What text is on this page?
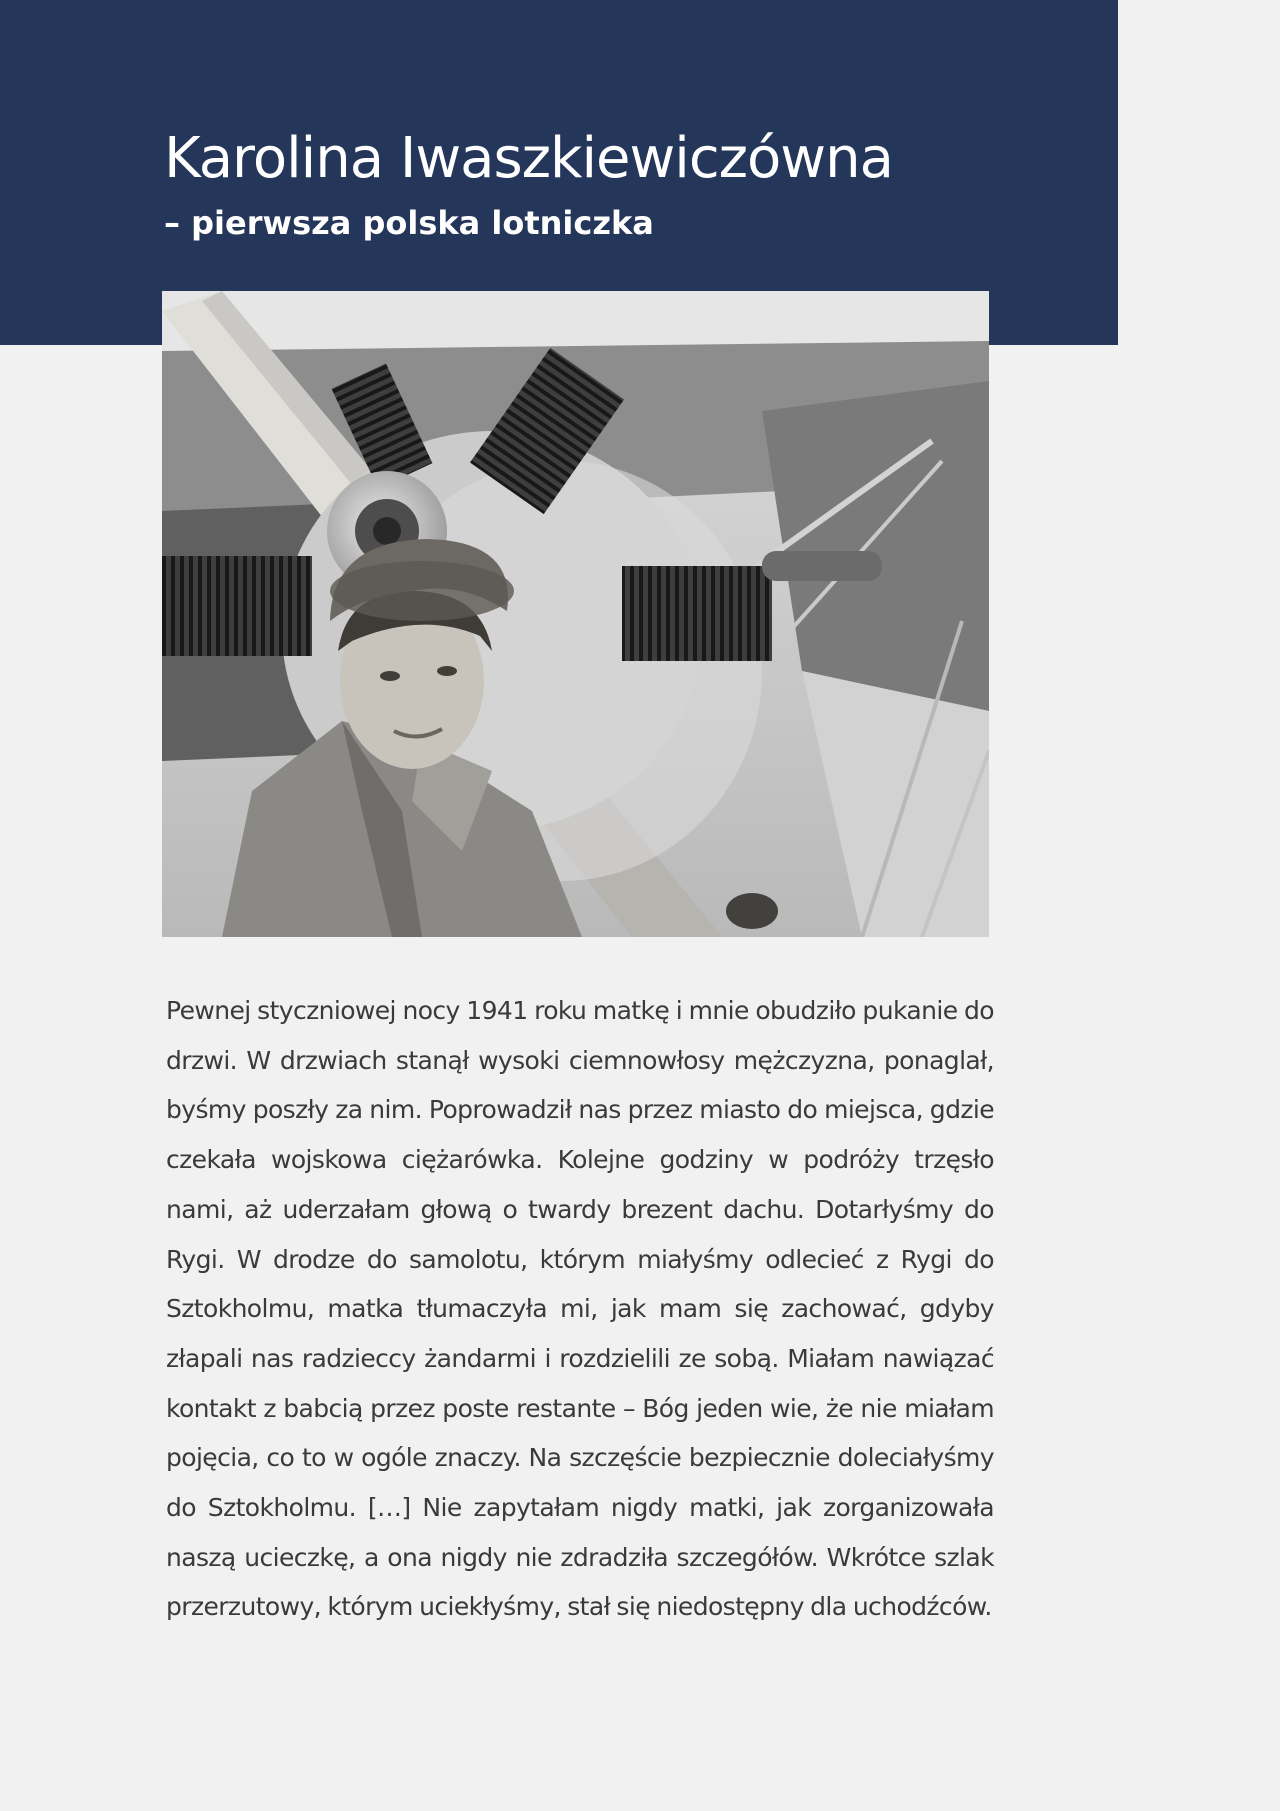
Karolina Iwaszkiewiczówna
– pierwsza polska lotniczka

Pewnej styczniowej nocy 1941 roku matkę i mnie obudziło pukanie do drzwi. W drzwiach stanął wysoki ciemnowłosy mężczyzna, ponaglał, byśmy poszły za nim. Poprowadził nas przez miasto do miejsca, gdzie czekała wojskowa ciężarówka. Kolejne godziny w podróży trzęsło nami, aż uderzałam głową o twardy brezent dachu. Dotarłyśmy do Rygi. W drodze do samolotu, którym miałyśmy odlecieć z Rygi do Sztokholmu, matka tłumaczyła mi, jak mam się zachować, gdyby złapali nas radzieccy żandarmi i rozdzielili ze sobą. Miałam nawiązać kontakt z babcią przez poste restante – Bóg jeden wie, że nie miałam pojęcia, co to w ogóle znaczy. Na szczęście bezpiecznie doleciałyśmy do Sztokholmu. […] Nie zapytałam nigdy matki, jak zorganizowała naszą ucieczkę, a ona nigdy nie zdradziła szczegółów. Wkrótce szlak przerzutowy, którym uciekłyśmy, stał się niedostępny dla uchodźców.
